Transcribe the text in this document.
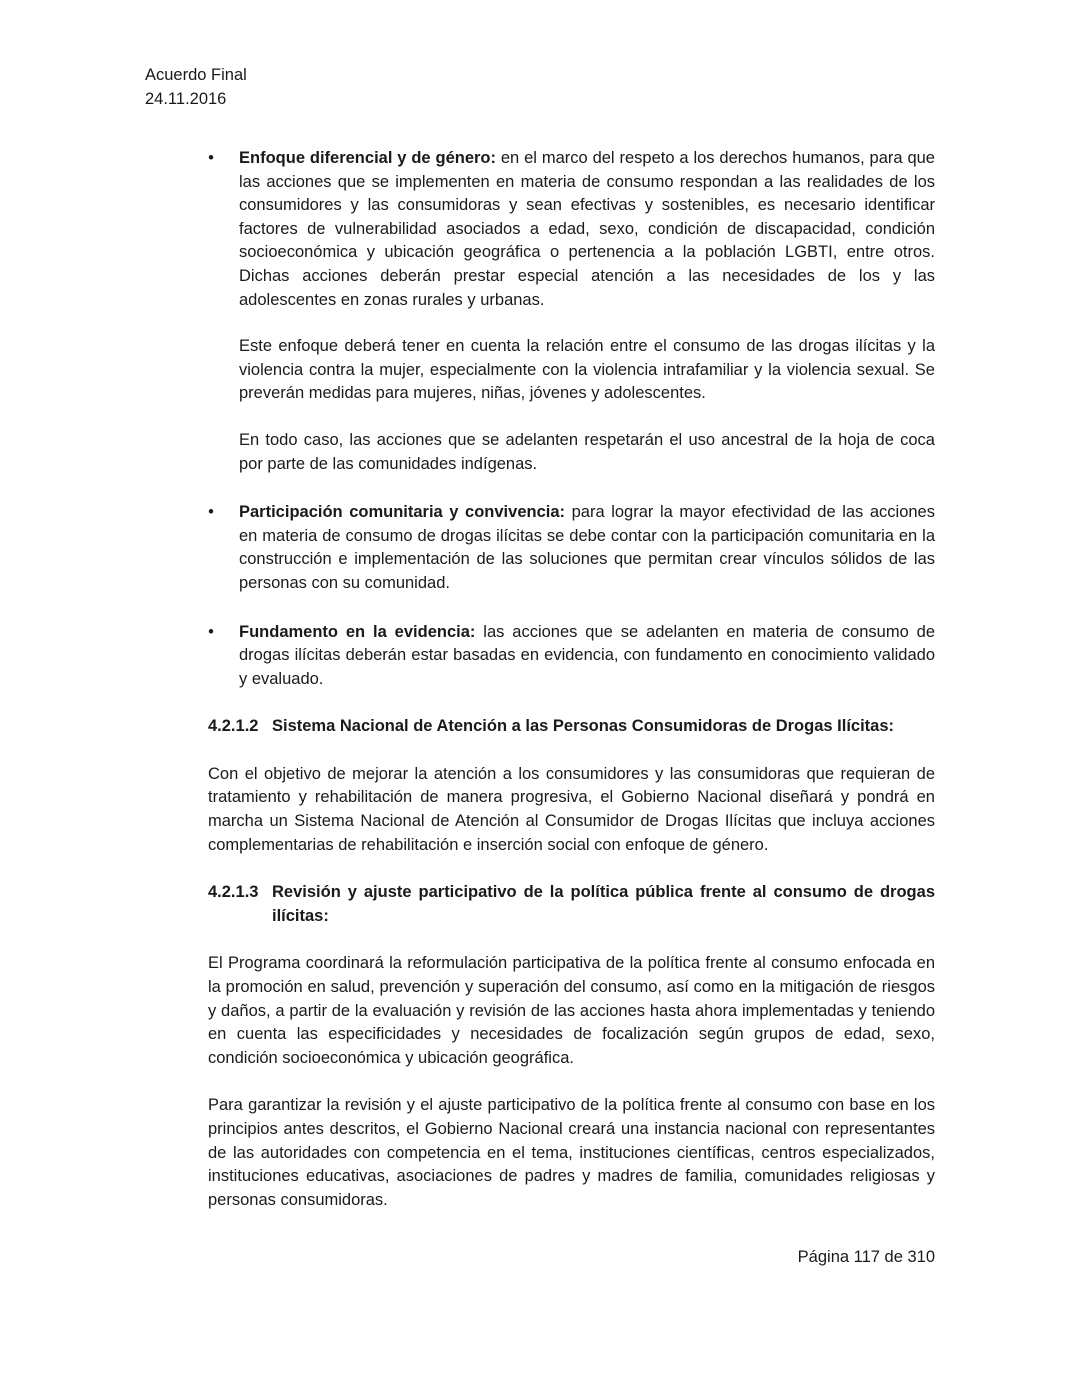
Acuerdo Final
24.11.2016
• Enfoque diferencial y de género: en el marco del respeto a los derechos humanos, para que las acciones que se implementen en materia de consumo respondan a las realidades de los consumidores y las consumidoras y sean efectivas y sostenibles, es necesario identificar factores de vulnerabilidad asociados a edad, sexo, condición de discapacidad, condición socioeconómica y ubicación geográfica o pertenencia a la población LGBTI, entre otros. Dichas acciones deberán prestar especial atención a las necesidades de los y las adolescentes en zonas rurales y urbanas.

Este enfoque deberá tener en cuenta la relación entre el consumo de las drogas ilícitas y la violencia contra la mujer, especialmente con la violencia intrafamiliar y la violencia sexual. Se preverán medidas para mujeres, niñas, jóvenes y adolescentes.

En todo caso, las acciones que se adelanten respetarán el uso ancestral de la hoja de coca por parte de las comunidades indígenas.

• Participación comunitaria y convivencia: para lograr la mayor efectividad de las acciones en materia de consumo de drogas ilícitas se debe contar con la participación comunitaria en la construcción e implementación de las soluciones que permitan crear vínculos sólidos de las personas con su comunidad.

• Fundamento en la evidencia: las acciones que se adelanten en materia de consumo de drogas ilícitas deberán estar basadas en evidencia, con fundamento en conocimiento validado y evaluado.

4.2.1.2 Sistema Nacional de Atención a las Personas Consumidoras de Drogas Ilícitas:

Con el objetivo de mejorar la atención a los consumidores y las consumidoras que requieran de tratamiento y rehabilitación de manera progresiva, el Gobierno Nacional diseñará y pondrá en marcha un Sistema Nacional de Atención al Consumidor de Drogas Ilícitas que incluya acciones complementarias de rehabilitación e inserción social con enfoque de género.

4.2.1.3 Revisión y ajuste participativo de la política pública frente al consumo de drogas ilícitas:

El Programa coordinará la reformulación participativa de la política frente al consumo enfocada en la promoción en salud, prevención y superación del consumo, así como en la mitigación de riesgos y daños, a partir de la evaluación y revisión de las acciones hasta ahora implementadas y teniendo en cuenta las especificidades y necesidades de focalización según grupos de edad, sexo, condición socioeconómica y ubicación geográfica.

Para garantizar la revisión y el ajuste participativo de la política frente al consumo con base en los principios antes descritos, el Gobierno Nacional creará una instancia nacional con representantes de las autoridades con competencia en el tema, instituciones científicas, centros especializados, instituciones educativas, asociaciones de padres y madres de familia, comunidades religiosas y personas consumidoras.

Página 117 de 310
